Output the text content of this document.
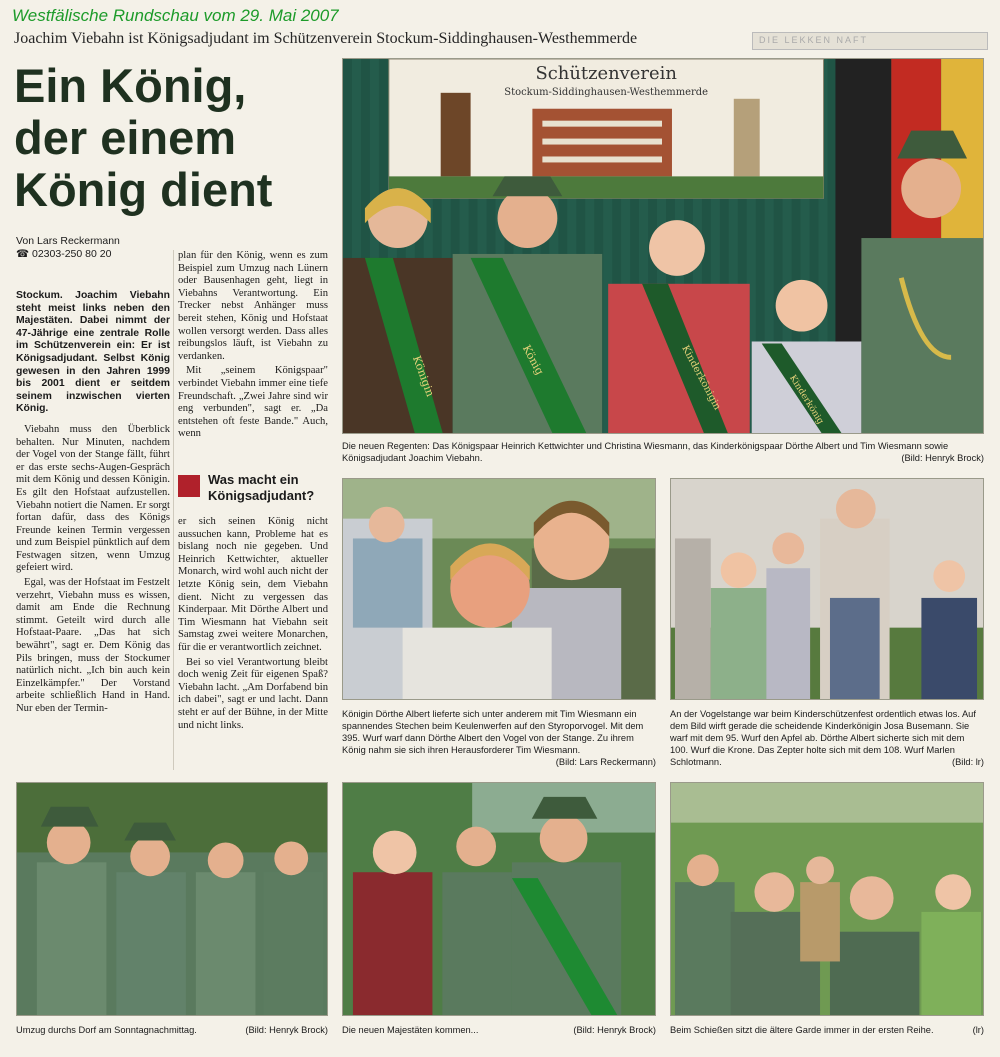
Westfälische Rundschau vom 29. Mai 2007
Joachim Viebahn ist Königsadjudant im Schützenverein Stockum-Siddinghausen-Westhemmerde	DIE LEKKEN NAFT
Ein König,
der einem
König dient
Von Lars Reckermann
☎ 02303-250 80 20
Stockum. Joachim Viebahn steht meist links neben den Majestäten. Dabei nimmt der 47-Jährige eine zentrale Rolle im Schützenverein ein: Er ist Königsadjudant. Selbst König gewesen in den Jahren 1999 bis 2001 dient er seitdem seinem inzwischen vierten König.

Viebahn muss den Überblick behalten. Nur Minuten, nachdem der Vogel von der Stange fällt, führt er das erste sechs-Augen-Gespräch mit dem König und dessen Königin. Es gilt den Hofstaat aufzustellen. Viebahn notiert die Namen. Er sorgt fortan dafür, dass des Königs Freunde keinen Termin vergessen und zum Beispiel pünktlich auf dem Festwagen sitzen, wenn Umzug gefeiert wird.

Egal, was der Hofstaat im Festzelt verzehrt, Viebahn muss es wissen, damit am Ende die Rechnung stimmt. Geteilt wird durch alle Hofstaat-Paare. „Das hat sich bewährt", sagt er. Dem König das Pils bringen, muss der Stockumer natürlich nicht. „Ich bin auch kein Einzelkämpfer." Der Vorstand arbeite schließlich Hand in Hand. Nur eben der Termin-

plan für den König, wenn es zum Beispiel zum Umzug nach Lünern oder Bausenhagen geht, liegt in Viebahns Verantwortung. Ein Trecker nebst Anhänger muss bereit stehen, König und Hofstaat wollen versorgt werden. Dass alles reibungslos läuft, ist Viebahn zu verdanken.

Mit „seinem Königspaar" verbindet Viebahn immer eine tiefe Freundschaft. „Zwei Jahre sind wir eng verbunden", sagt er. „Da entstehen oft feste Bande." Auch, wenn

Was macht ein Königsadjudant?

er sich seinen König nicht aussuchen kann, Probleme hat es bislang noch nie gegeben. Und Heinrich Kettwichter, aktueller Monarch, wird wohl auch nicht der letzte König sein, dem Viebahn dient. Nicht zu vergessen das Kinderpaar. Mit Dörthe Albert und Tim Wiesmann hat Viebahn seit Samstag zwei weitere Monarchen, für die er verantwortlich zeichnet.

Bei so viel Verantwortung bleibt doch wenig Zeit für eigenen Spaß? Viebahn lacht. „Am Dorfabend bin ich dabei", sagt er und lacht. Dann steht er auf der Bühne, in der Mitte und nicht links.

Schützenverein
Stockum-Siddinghausen-Westhemmerde
Königin	König	Kinderkönigin	Kinderkönig
Die neuen Regenten: Das Königspaar Heinrich Kettwichter und Christina Wiesmann, das Kinderkönigspaar Dörthe Albert und Tim Wiesmann sowie Königsadjudant Joachim Viebahn.	(Bild: Henryk Brock)
Königin Dörthe Albert lieferte sich unter anderem mit Tim Wiesmann ein spannendes Stechen beim Keulenwerfen auf den Styroporvogel. Mit dem 395. Wurf warf dann Dörthe Albert den Vogel von der Stange. Zu ihrem König nahm sie sich ihren Herausforderer Tim Wiesmann.
(Bild: Lars Reckermann)
An der Vogelstange war beim Kinderschützenfest ordentlich etwas los. Auf dem Bild wirft gerade die scheidende Kinderkönigin Josa Busemann. Sie warf mit dem 95. Wurf den Apfel ab. Dörthe Albert sicherte sich mit dem 100. Wurf die Krone. Das Zepter holte sich mit dem 108. Wurf Marlen Schlotmann.	(Bild: lr)
Umzug durchs Dorf am Sonntagnachmittag.	(Bild: Henryk Brock) Die neuen Majestäten kommen...	(Bild: Henryk Brock) Beim Schießen sitzt die ältere Garde immer in der ersten Reihe.	(lr)
